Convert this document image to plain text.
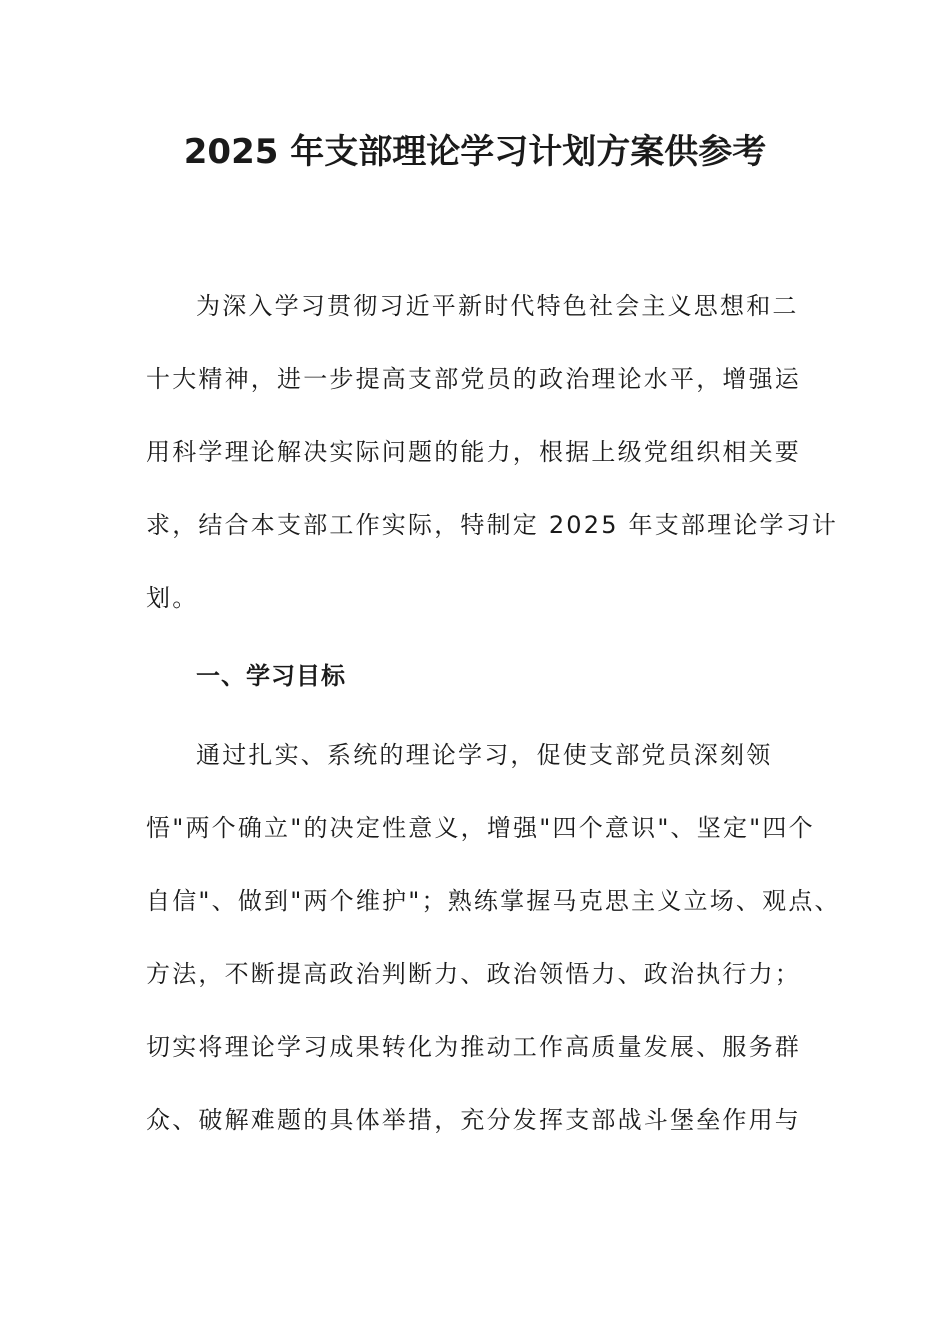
2025 年支部理论学习计划方案供参考

为深入学习贯彻习近平新时代特色社会主义思想和二

十大精神，进一步提高支部党员的政治理论水平，增强运

用科学理论解决实际问题的能力，根据上级党组织相关要

求，结合本支部工作实际，特制定 2025 年支部理论学习计

划。

一、学习目标

通过扎实、系统的理论学习，促使支部党员深刻领

悟"两个确立"的决定性意义，增强"四个意识"、坚定"四个

自信"、做到"两个维护"；熟练掌握马克思主义立场、观点、

方法，不断提高政治判断力、政治领悟力、政治执行力；

切实将理论学习成果转化为推动工作高质量发展、服务群

众、破解难题的具体举措，充分发挥支部战斗堡垒作用与
